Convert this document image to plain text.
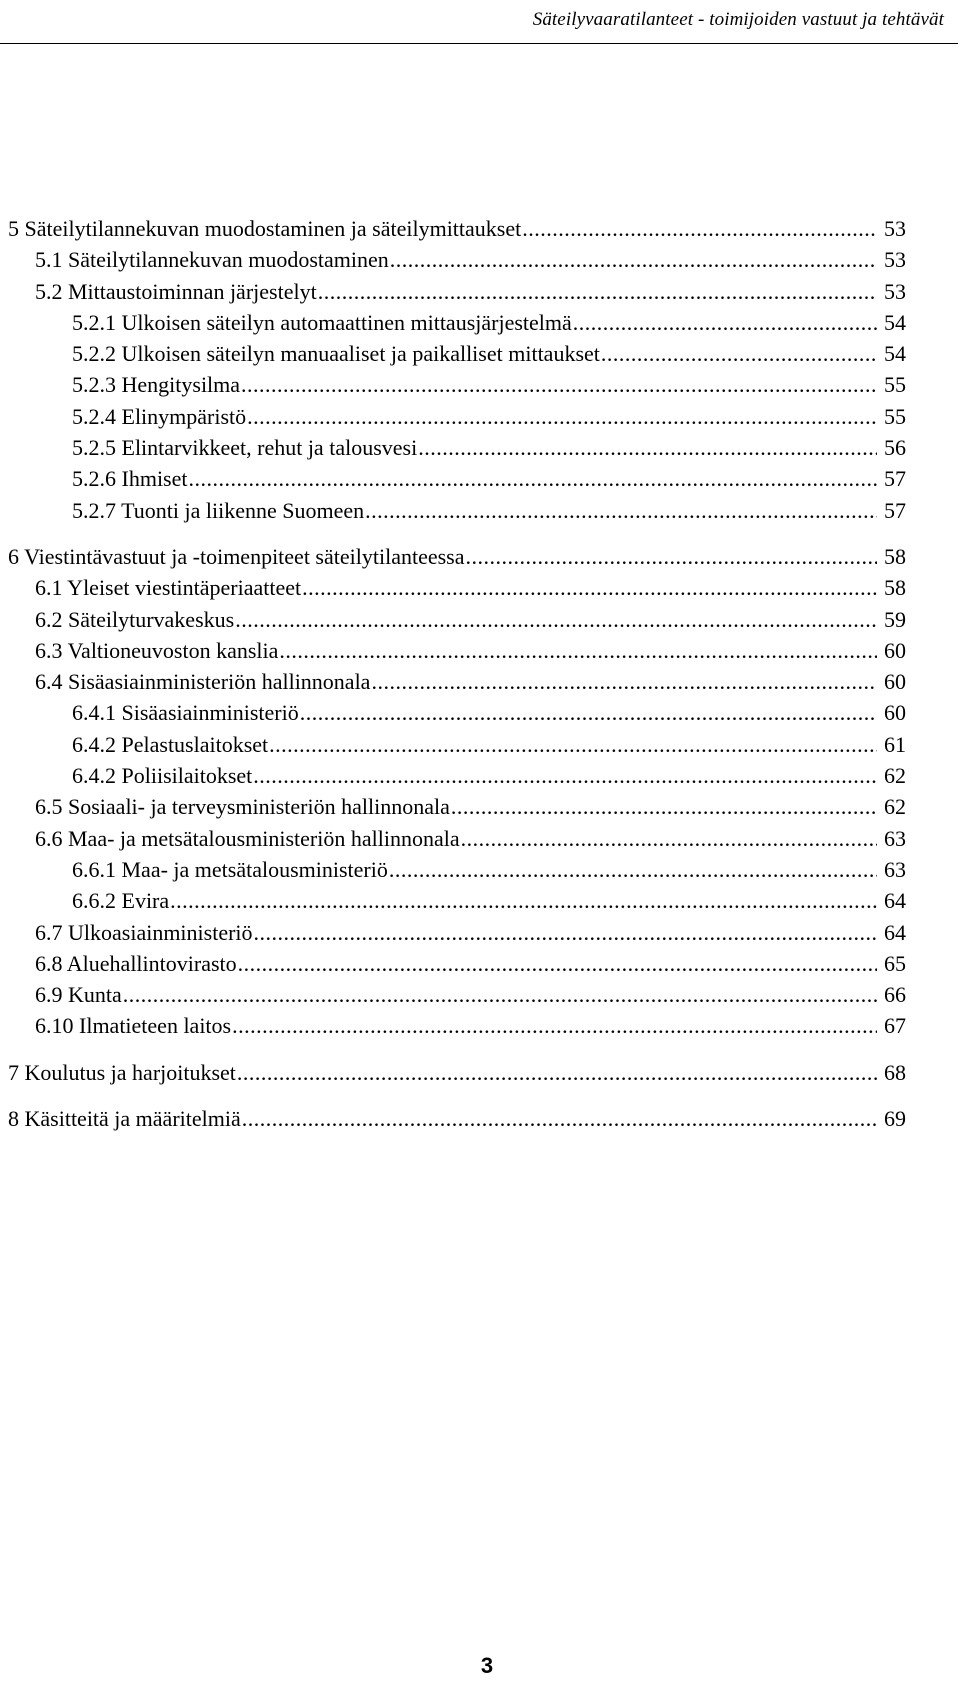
Säteilyvaaratilanteet - toimijoiden vastuut ja tehtävät
5 Säteilytilannekuvan muodostaminen ja säteilymittaukset .....	53
5.1 Säteilytilannekuvan muodostaminen .....	53
5.2 Mittaustoiminnan järjestelyt .....	53
5.2.1 Ulkoisen säteilyn automaattinen mittausjärjestelmä .....	54
5.2.2 Ulkoisen säteilyn manuaaliset ja paikalliset mittaukset .....	54
5.2.3 Hengitysilma .....	55
5.2.4 Elinympäristö .....	55
5.2.5 Elintarvikkeet, rehut ja talousvesi .....	56
5.2.6 Ihmiset .....	57
5.2.7 Tuonti ja liikenne Suomeen .....	57
6 Viestintävastuut ja -toimenpiteet säteilytilanteessa .....	58
6.1 Yleiset viestintäperiaatteet .....	58
6.2 Säteilyturvakeskus .....	59
6.3 Valtioneuvoston kanslia .....	60
6.4 Sisäasiainministeriön hallinnonala .....	60
6.4.1 Sisäasiainministeriö .....	60
6.4.2 Pelastuslaitokset .....	61
6.4.2 Poliisilaitokset .....	62
6.5 Sosiaali- ja terveysministeriön hallinnonala .....	62
6.6 Maa- ja metsätalousministeriön hallinnonala .....	63
6.6.1 Maa- ja metsätalousministeriö .....	63
6.6.2 Evira .....	64
6.7 Ulkoasiainministeriö .....	64
6.8 Aluehallintovirasto .....	65
6.9 Kunta .....	66
6.10 Ilmatieteen laitos .....	67
7 Koulutus ja harjoitukset .....	68
8 Käsitteitä ja määritelmiä .....	69
3
